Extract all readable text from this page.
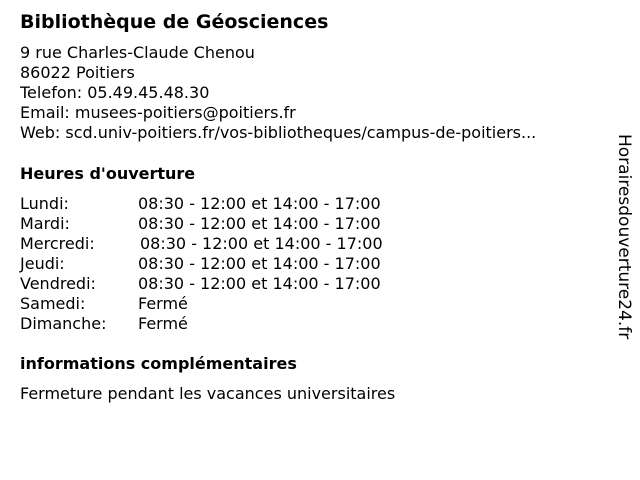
Bibliothèque de Géosciences
9 rue Charles-Claude Chenou
86022 Poitiers
Telefon: 05.49.45.48.30
Email: musees-poitiers@poitiers.fr
Web: scd.univ-poitiers.fr/vos-bibliotheques/campus-de-poitiers...
Heures d'ouverture
Lundi:	08:30 - 12:00 et 14:00 - 17:00
Mardi:	08:30 - 12:00 et 14:00 - 17:00
Mercredi:	08:30 - 12:00 et 14:00 - 17:00
Jeudi:	08:30 - 12:00 et 14:00 - 17:00
Vendredi:	08:30 - 12:00 et 14:00 - 17:00
Samedi:	Fermé
Dimanche: Fermé
informations complémentaires
Fermeture pendant les vacances universitaires
Horairesdouverture24.fr
